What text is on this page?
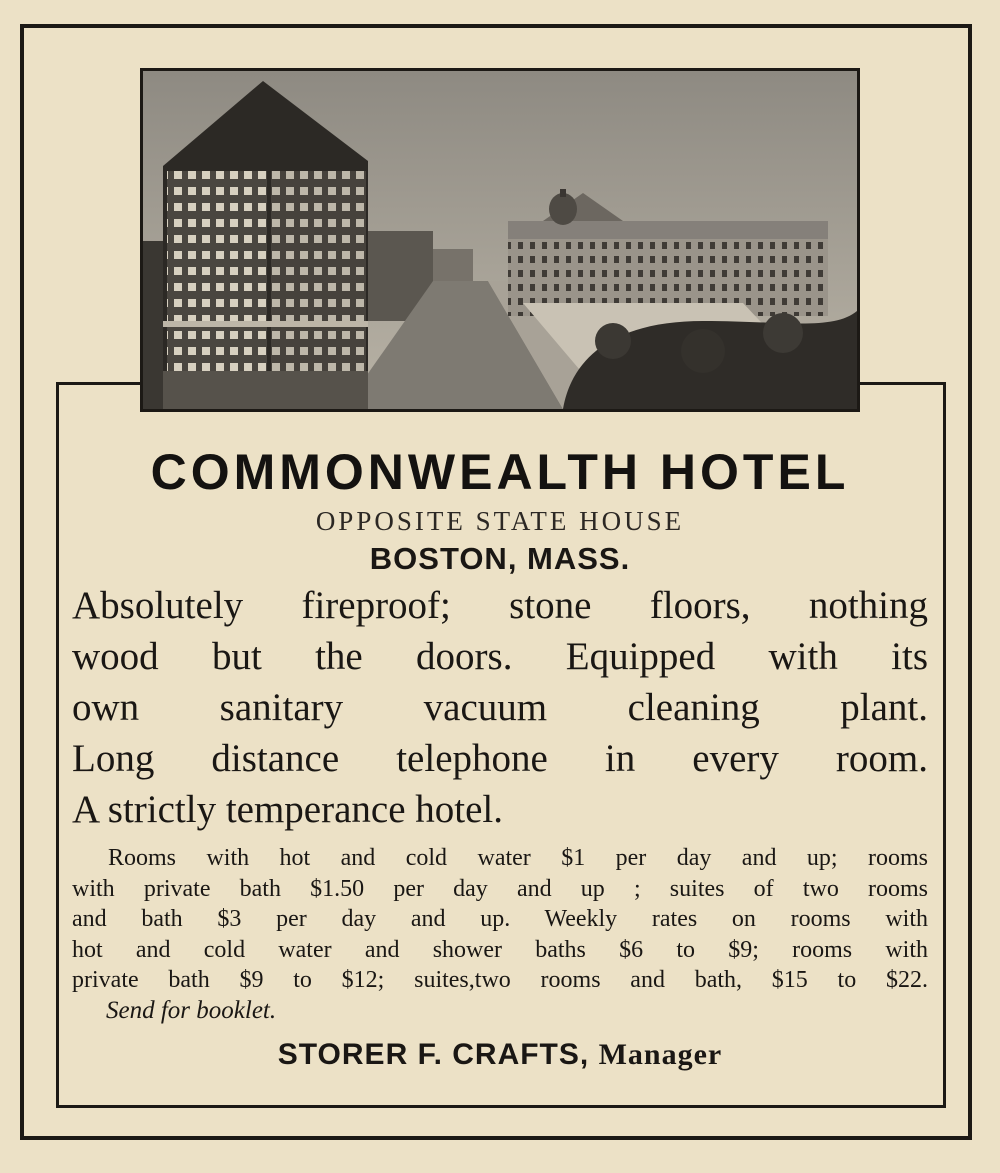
COMMONWEALTH HOTEL

OPPOSITE STATE HOUSE

BOSTON, MASS.

Absolutely fireproof; stone floors, nothing
wood but the doors. Equipped with its
own sanitary vacuum cleaning plant.
Long distance telephone in every room.
A strictly temperance hotel.
Rooms with hot and cold water $1 per day and up; rooms
with private bath $1.50 per day and up ; suites of two rooms
and bath $3 per day and up. Weekly rates on rooms with
hot and cold water and shower baths $6 to $9; rooms with
private bath $9 to $12; suites,two rooms and bath, $15 to $22.
Send for booklet.
STORER F. CRAFTS, Manager
